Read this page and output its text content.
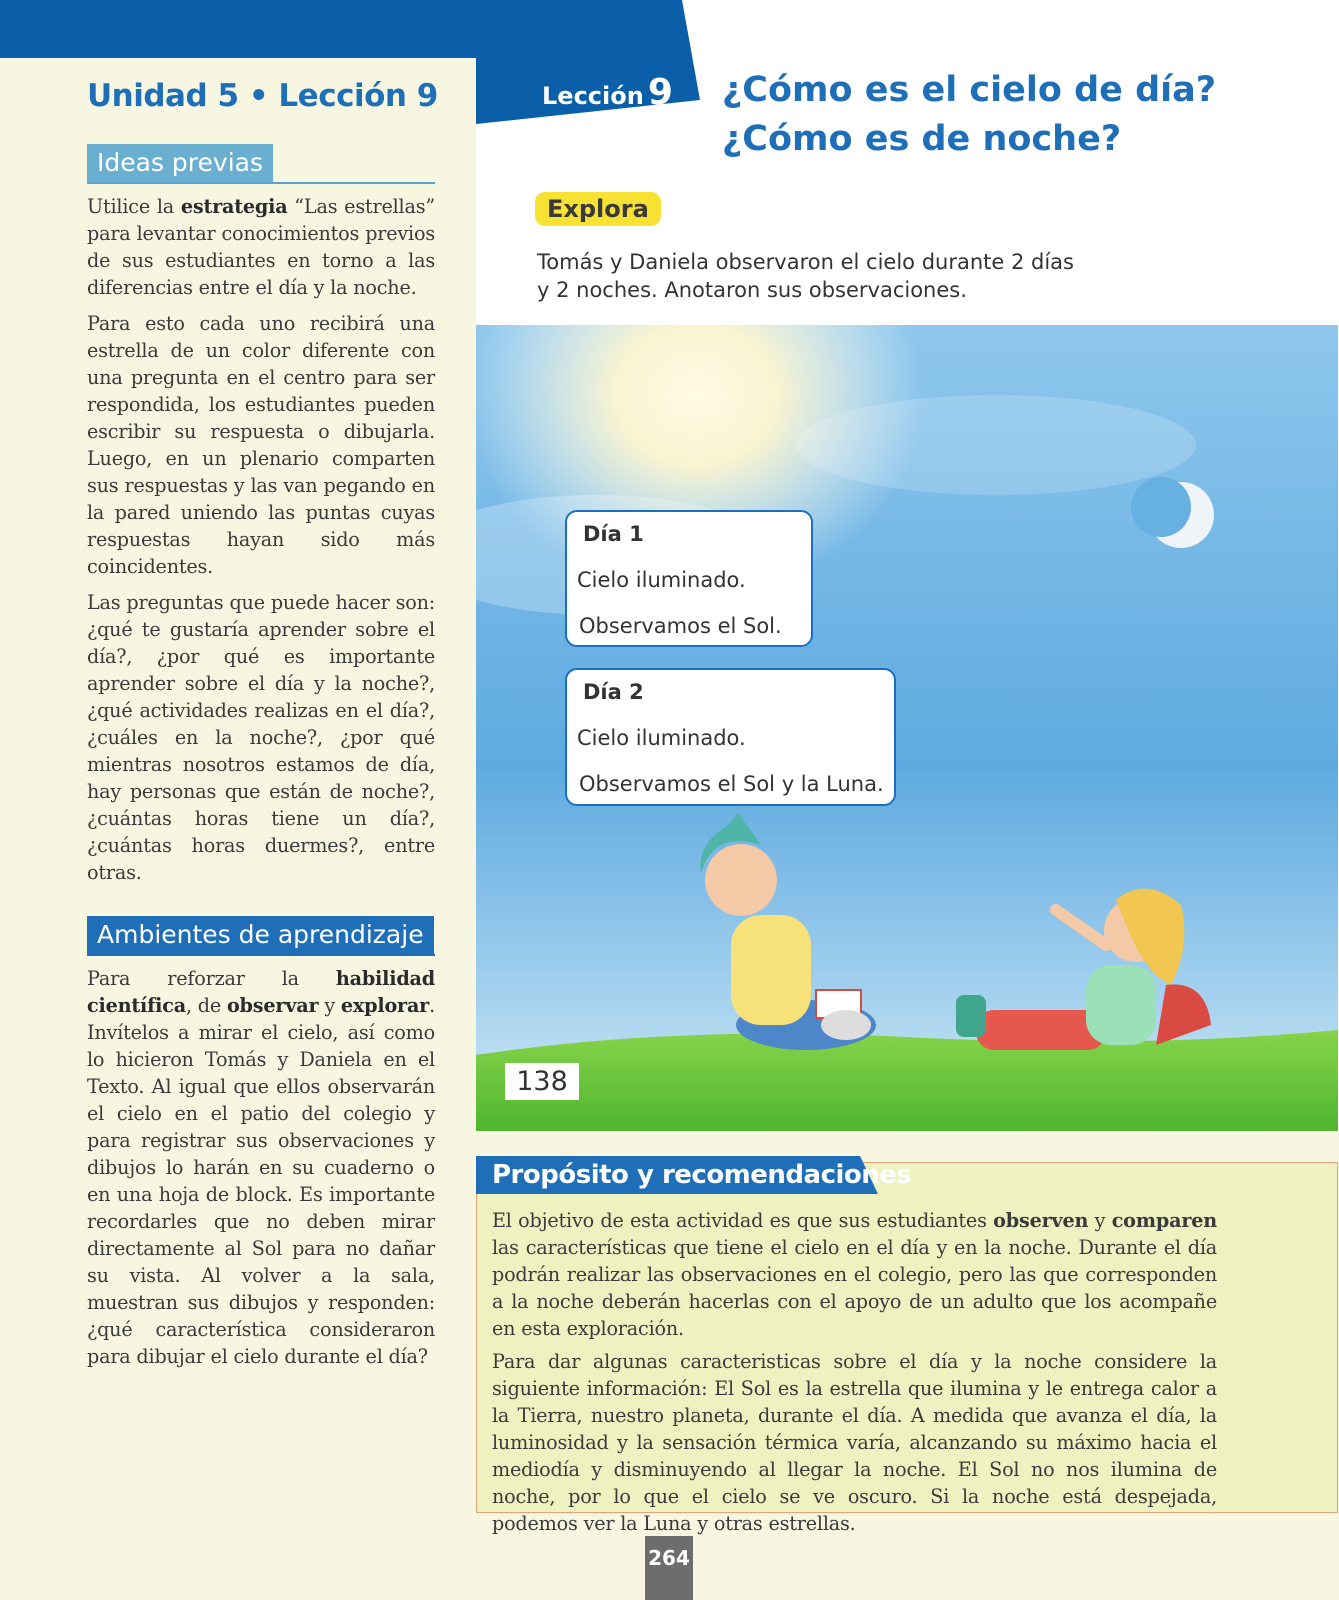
Unidad 5 • Lección 9
Ideas previas

Utilice la estrategia “Las estrellas” para levantar conocimientos previos de sus estudiantes en torno a las diferencias entre el día y la noche.

Para esto cada uno recibirá una estrella de un color diferente con una pregunta en el centro para ser respondida, los estudiantes pueden escribir su respuesta o dibujarla. Luego, en un plenario comparten sus respuestas y las van pegando en la pared uniendo las puntas cuyas respuestas hayan sido más coincidentes.

Las preguntas que puede hacer son: ¿qué te gustaría aprender sobre el día?, ¿por qué es importante aprender sobre el día y la noche?, ¿qué actividades realizas en el día?, ¿cuáles en la noche?, ¿por qué mientras nosotros estamos de día, hay personas que están de noche?, ¿cuántas horas tiene un día?, ¿cuántas horas duermes?, entre otras.

Ambientes de aprendizaje

Para reforzar la habilidad científica, de observar y explorar. Invítelos a mirar el cielo, así como lo hicieron Tomás y Daniela en el Texto. Al igual que ellos observarán el cielo en el patio del colegio y para registrar sus observaciones y dibujos lo harán en su cuaderno o en una hoja de block. Es importante recordarles que no deben mirar directamente al Sol para no dañar su vista. Al volver a la sala, muestran sus dibujos y responden: ¿qué característica consideraron para dibujar el cielo durante el día?

Lección 9 ¿Cómo es el cielo de día?
¿Cómo es de noche?
Explora
Tomás y Daniela observaron el cielo durante 2 días
y 2 noches. Anotaron sus observaciones.
Día 1
Cielo iluminado.
Observamos el Sol.
Día 2
Cielo iluminado.
Observamos el Sol y la Luna.
138
Propósito y recomendaciones

El objetivo de esta actividad es que sus estudiantes observen y comparen las características que tiene el cielo en el día y en la noche. Durante el día podrán realizar las observaciones en el colegio, pero las que corresponden a la noche deberán hacerlas con el apoyo de un adulto que los acompañe en esta exploración.

Para dar algunas caracteristicas sobre el día y la noche considere la siguiente información: El Sol es la estrella que ilumina y le entrega calor a la Tierra, nuestro planeta, durante el día. A medida que avanza el día, la luminosidad y la sensación térmica varía, alcanzando su máximo hacia el mediodía y disminuyendo al llegar la noche. El Sol no nos ilumina de noche, por lo que el cielo se ve oscuro. Si la noche está despejada, podemos ver la Luna y otras estrellas.

264
